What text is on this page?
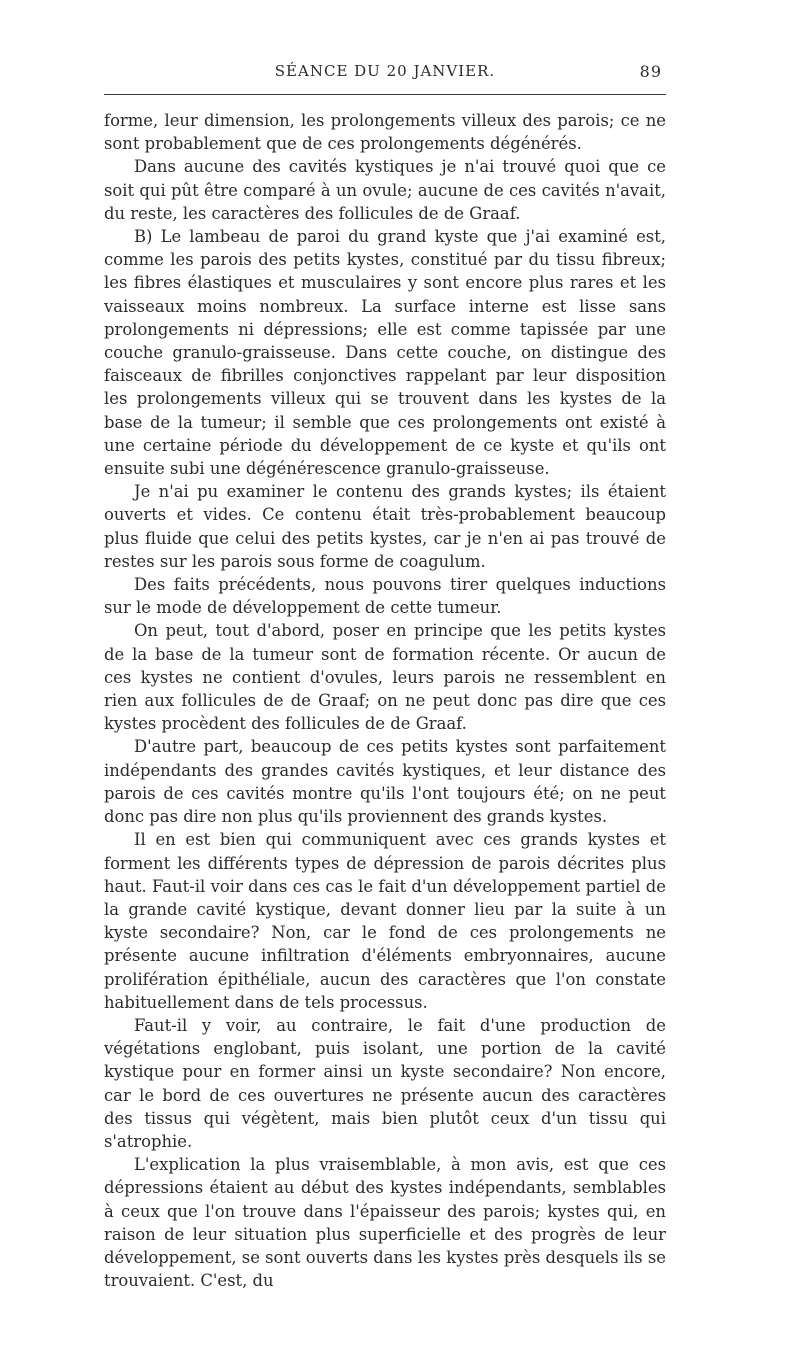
SÉANCE DU 20 JANVIER.	89

forme, leur dimension, les prolongements villeux des parois; ce ne sont probablement que de ces prolongements dégénérés.

Dans aucune des cavités kystiques je n'ai trouvé quoi que ce soit qui pût être comparé à un ovule; aucune de ces cavités n'avait, du reste, les caractères des follicules de de Graaf.

B) Le lambeau de paroi du grand kyste que j'ai examiné est, comme les parois des petits kystes, constitué par du tissu fibreux; les fibres élastiques et musculaires y sont encore plus rares et les vaisseaux moins nombreux. La surface interne est lisse sans prolongements ni dépressions; elle est comme tapissée par une couche granulo-graisseuse. Dans cette couche, on distingue des faisceaux de fibrilles conjonctives rappelant par leur disposition les prolongements villeux qui se trouvent dans les kystes de la base de la tumeur; il semble que ces prolongements ont existé à une certaine période du développement de ce kyste et qu'ils ont ensuite subi une dégénérescence granulo-graisseuse.

Je n'ai pu examiner le contenu des grands kystes; ils étaient ouverts et vides. Ce contenu était très-probablement beaucoup plus fluide que celui des petits kystes, car je n'en ai pas trouvé de restes sur les parois sous forme de coagulum.

Des faits précédents, nous pouvons tirer quelques inductions sur le mode de développement de cette tumeur.

On peut, tout d'abord, poser en principe que les petits kystes de la base de la tumeur sont de formation récente. Or aucun de ces kystes ne contient d'ovules, leurs parois ne ressemblent en rien aux follicules de de Graaf; on ne peut donc pas dire que ces kystes procèdent des follicules de de Graaf.

D'autre part, beaucoup de ces petits kystes sont parfaitement indépendants des grandes cavités kystiques, et leur distance des parois de ces cavités montre qu'ils l'ont toujours été; on ne peut donc pas dire non plus qu'ils proviennent des grands kystes.

Il en est bien qui communiquent avec ces grands kystes et forment les différents types de dépression de parois décrites plus haut. Faut-il voir dans ces cas le fait d'un développement partiel de la grande cavité kystique, devant donner lieu par la suite à un kyste secondaire? Non, car le fond de ces prolongements ne présente aucune infiltration d'éléments embryonnaires, aucune prolifération épithéliale, aucun des caractères que l'on constate habituellement dans de tels processus.

Faut-il y voir, au contraire, le fait d'une production de végétations englobant, puis isolant, une portion de la cavité kystique pour en former ainsi un kyste secondaire? Non encore, car le bord de ces ouvertures ne présente aucun des caractères des tissus qui végètent, mais bien plutôt ceux d'un tissu qui s'atrophie.

L'explication la plus vraisemblable, à mon avis, est que ces dépressions étaient au début des kystes indépendants, semblables à ceux que l'on trouve dans l'épaisseur des parois; kystes qui, en raison de leur situation plus superficielle et des progrès de leur développement, se sont ouverts dans les kystes près desquels ils se trouvaient. C'est, du
